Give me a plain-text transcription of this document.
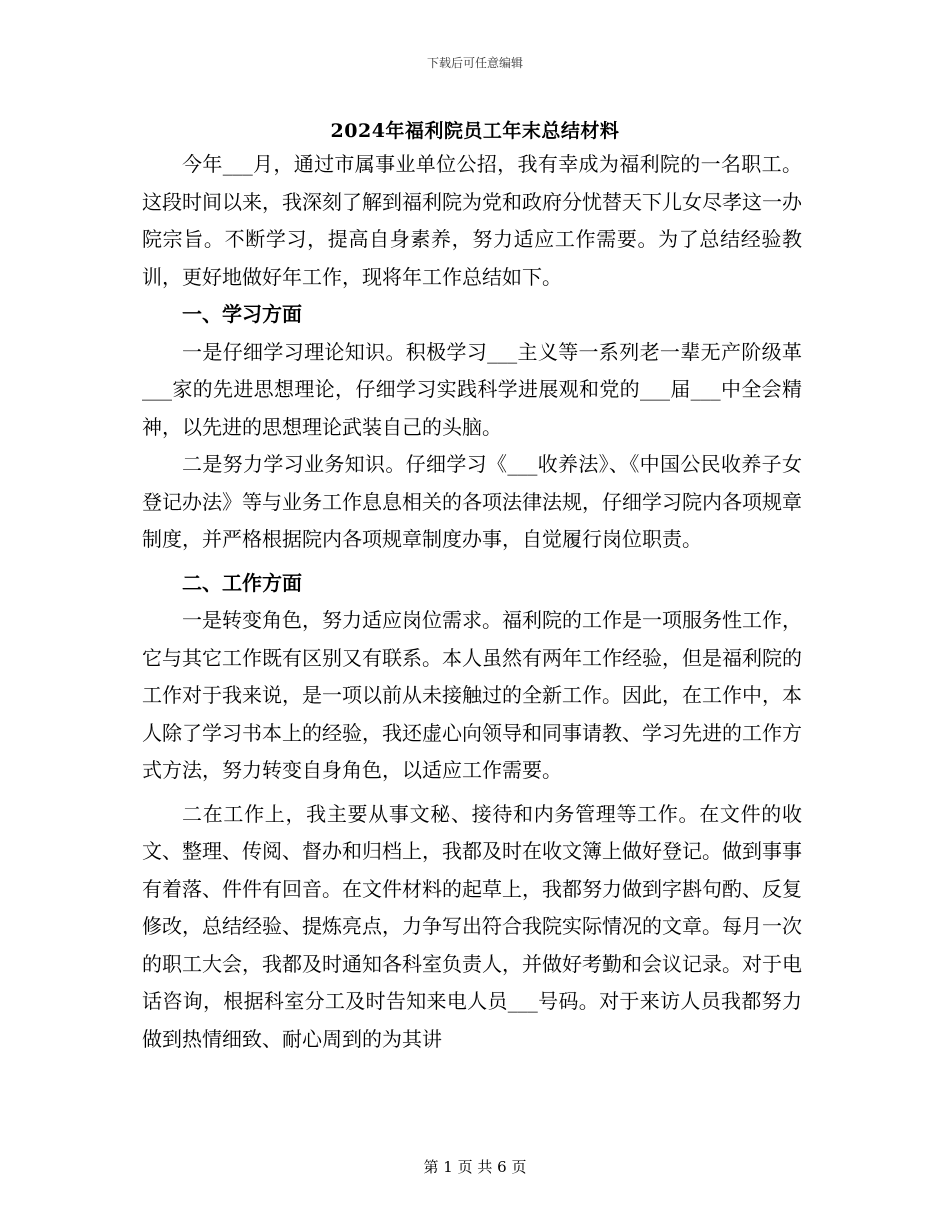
下载后可任意编辑
2024年福利院员工年末总结材料

今年___月，通过市属事业单位公招，我有幸成为福利院的一名职工。这段时间以来，我深刻了解到福利院为党和政府分忧替天下儿女尽孝这一办院宗旨。不断学习，提高自身素养，努力适应工作需要。为了总结经验教训，更好地做好年工作，现将年工作总结如下。

一、学习方面

一是仔细学习理论知识。积极学习___主义等一系列老一辈无产阶级革___家的先进思想理论，仔细学习实践科学进展观和党的___届___中全会精神，以先进的思想理论武装自己的头脑。

二是努力学习业务知识。仔细学习《___收养法》、《中国公民收养子女登记办法》等与业务工作息息相关的各项法律法规，仔细学习院内各项规章制度，并严格根据院内各项规章制度办事，自觉履行岗位职责。

二、工作方面

一是转变角色，努力适应岗位需求。福利院的工作是一项服务性工作，它与其它工作既有区别又有联系。本人虽然有两年工作经验，但是福利院的工作对于我来说，是一项以前从未接触过的全新工作。因此，在工作中，本人除了学习书本上的经验，我还虚心向领导和同事请教、学习先进的工作方式方法，努力转变自身角色，以适应工作需要。

二在工作上，我主要从事文秘、接待和内务管理等工作。在文件的收文、整理、传阅、督办和归档上，我都及时在收文簿上做好登记。做到事事有着落、件件有回音。在文件材料的起草上，我都努力做到字斟句酌、反复修改，总结经验、提炼亮点，力争写出符合我院实际情况的文章。每月一次的职工大会，我都及时通知各科室负责人，并做好考勤和会议记录。对于电话咨询，根据科室分工及时告知来电人员___号码。对于来访人员我都努力做到热情细致、耐心周到的为其讲

第 1 页 共 6 页
